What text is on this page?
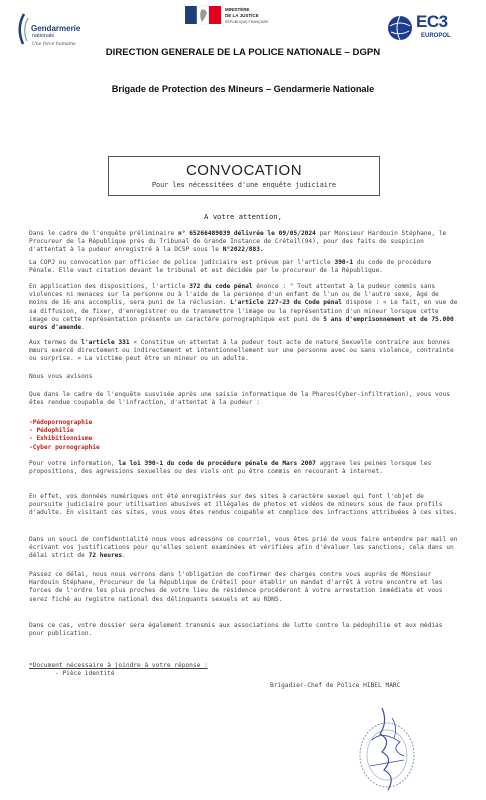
Gendarmerie
nationale
Une force humaine
MINISTÈRE
DE LA JUSTICE
RÉPUBLIQUE FRANÇAISE	EC3
EUROPOL
DIRECTION GENERALE DE LA POLICE NATIONALE – DGPN
Brigade de Protection des Mineurs – Gendarmerie Nationale
CONVOCATION
Pour les nécessitées d'une enquête judiciaire
A votre attention,
Dans le cadre de l'enquête préliminaire n° 65266489039 délivrée le 09/05/2024 par Monsieur Hardouin Stéphane, le Procureur de la République près du Tribunal de Grande Instance de Créteil(94), pour des faits de suspicion d'attentat à la pudeur enregistré à la DCSP sous le N°2022/883.
La COPJ ou convocation par officier de police judiciaire est prévue par l'article 390-1 du code de procédure Pénale. Elle vaut citation devant le tribunal et est décidée par le procureur de la République.
En application des dispositions, l'article 372 du code pénal énonce : " Tout attentat à la pudeur commis sans violences ni menaces sur la personne ou à l'aide de la personne d'un enfant de l'un ou de l'autre sexe, âgé de moins de 16 ans accomplis, sera puni de la réclusion. L'article 227-23 du Code pénal dispose : « Le fait, en vue de sa diffusion, de fixer, d'enregistrer ou de transmettre l'image ou la représentation d'un mineur lorsque cette image ou cette représentation présente un caractère pornographique est puni de 5 ans d'emprisonnement et de 75.000 euros d'amende.
Aux termes de l'article 331 « Constitue un attentat à la pudeur tout acte de nature Sexuelle contraire aux bonnes mœurs exercé directement ou indirectement et intentionnellement sur une personne avec ou sans violence, contrainte ou surprise. » La victime peut être un mineur ou un adulte.
Nous vous avisons
Que dans le cadre de l'enquête susvisée après une saisie informatique de la Pharos(Cyber-infiltration), vous vous êtes rendue coupable de l'infraction, d'attentat à la pudeur :
-Pédopornographie
- Pédophilie
- Exhibitionnisme
-Cyber pornographie
Pour votre information, la loi 390-1 du code de procédure pénale de Mars 2007 aggrave les peines lorsque les propositions, des agressions sexuelles ou des viols ont pu être commis en recourant à internet.
En effet, vos données numériques ont été enregistrées sur des sites à caractère sexuel qui font l'objet de poursuite judiciaire pour utilisation abusives et illégales de photos et vidéos de mineurs sous de faux profils d'adulte. En visitant ces sites, vous vous êtes rendus coupable et complice des infractions attribuées à ces sites.
Dans un souci de confidentialité nous vous adressons ce courriel, vous êtes prié de vous faire entendre par mail en écrivant vos justifications pour qu'elles soient examinées et vérifiées afin d'évaluer les sanctions, cela dans un délai strict de 72 heures.
Passez ce délai, nous nous verrons dans l'obligation de confirmer des charges contre vous auprès de Monsieur Hardouin Stéphane, Procureur de la République de Créteil pour établir un mandat d'arrêt à votre encontre et les forces de l'ordre les plus proches de votre lieu de résidence procéderont à votre arrestation immédiate et vous serez fiché au registre national des délinquants sexuels et au RDNS.
Dans ce cas, votre dossier sera également transmis aux associations de lutte contre la pédophilie et aux médias pour publication.
*Document nécessaire à joindre à votre réponse :
- Pièce identité
Brigadier-Chef de Police HIBEL MARC
